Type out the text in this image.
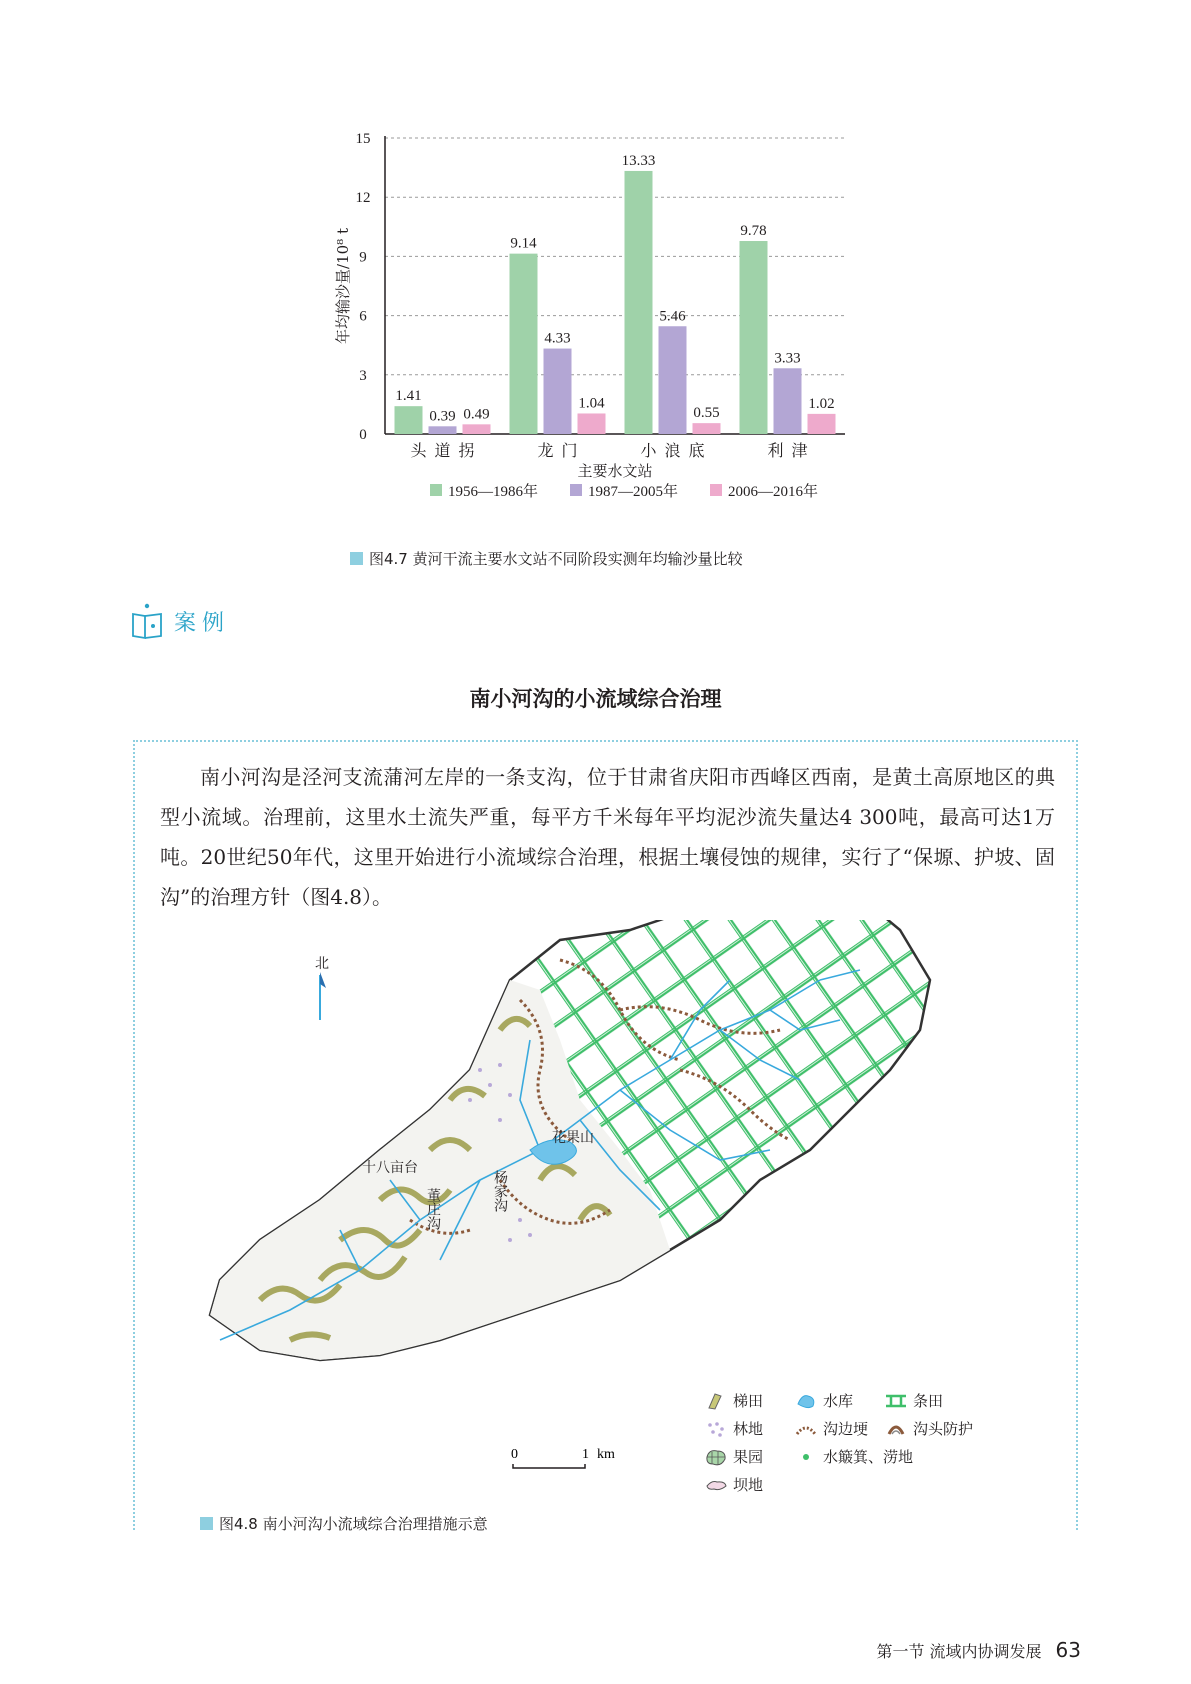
0
3
6
9
12
15
年均输沙量/10⁸ t
1.41
0.39 0.49
头道拐
9.14
4.33
1.04
龙门
13.33
5.46
0.55
小浪底
9.78
3.33
1.02
利津
主要水文站
1956—1986年	1987—2005年	2006—2016年
图4.7 黄河干流主要水文站不同阶段实测年均输沙量比较
案例
南小河沟的小流域综合治理

南小河沟是泾河支流蒲河左岸的一条支沟，位于甘肃省庆阳市西峰区西南，是黄土高原地区的典型小流域。治理前，这里水土流失严重，每平方千米每年平均泥沙流失量达4 300吨，最高可达1万吨。20世纪50年代，这里开始进行小流域综合治理，根据土壤侵蚀的规律，实行了“保塬、护坡、固沟”的治理方针（图4.8）。

北
十八亩台
董庄沟	杨家沟
花果山
0	1 km
梯田	水库	条田
林地	沟边埂	沟头防护
果园	水簸箕、涝地
坝地
图4.8 南小河沟小流域综合治理措施示意
第一节 流域内协调发展 63
